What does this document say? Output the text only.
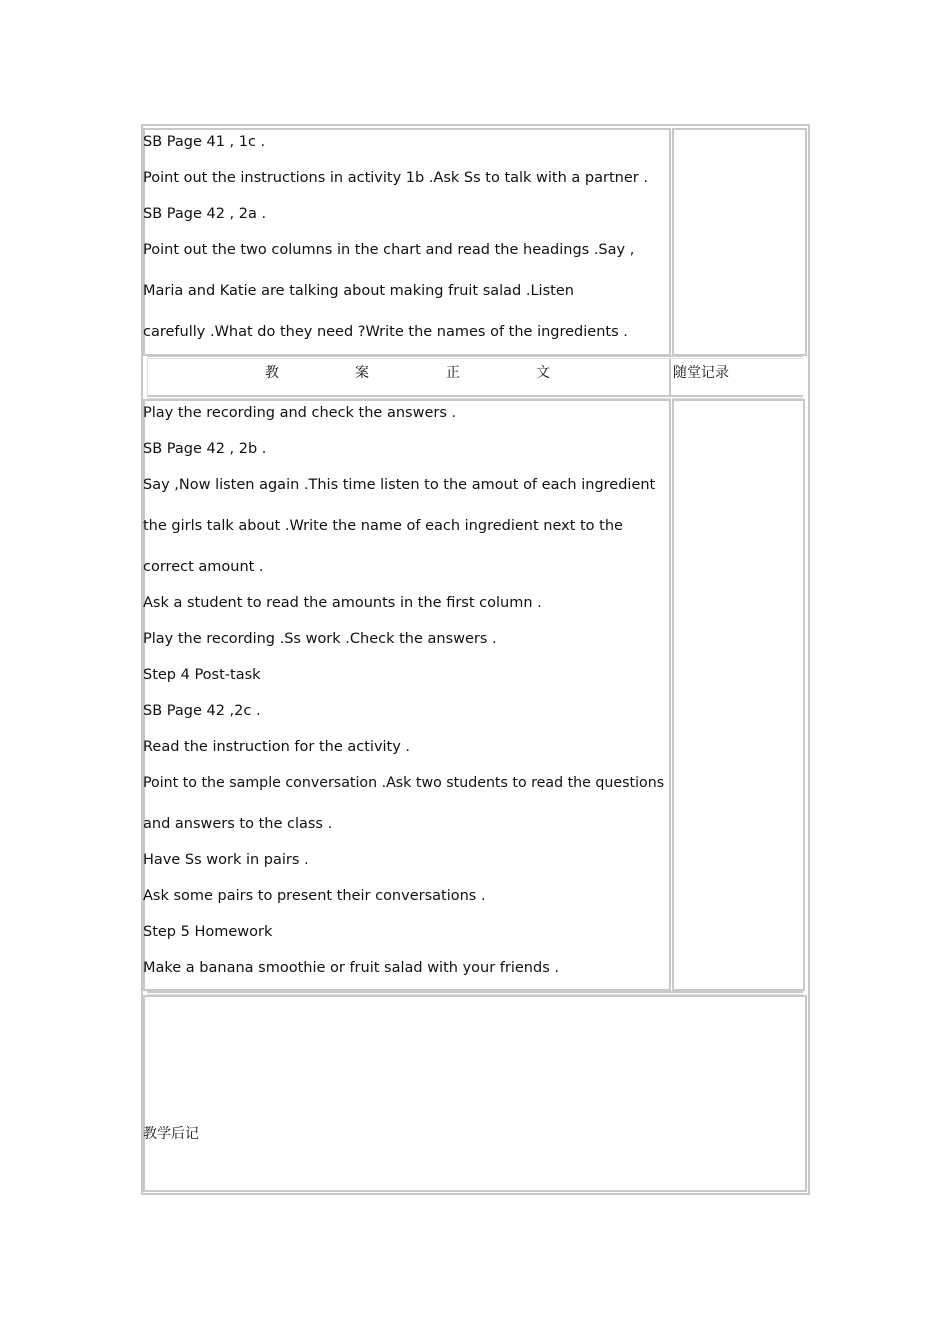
SB Page 41 , 1c .
Point out the instructions in activity 1b .Ask Ss to talk with a partner .
SB Page 42 , 2a .
Point out the two columns in the chart and read the headings .Say ,
Maria and Katie are talking about making fruit salad .Listen
carefully .What do they need ?Write the names of the ingredients .
教	案	正	文	随堂记录
Play the recording and check the answers .
SB Page 42 , 2b .
Say ,Now listen again .This time listen to the amout of each ingredient
the girls talk about .Write the name of each ingredient next to the
correct amount .
Ask a student to read the amounts in the first column .
Play the recording .Ss work .Check the answers .
Step 4 Post-task
SB Page 42 ,2c .
Read the instruction for the activity .
Point to the sample conversation .Ask two students to read the questions
and answers to the class .
Have Ss work in pairs .
Ask some pairs to present their conversations .
Step 5 Homework
Make a banana smoothie or fruit salad with your friends .
教学后记
